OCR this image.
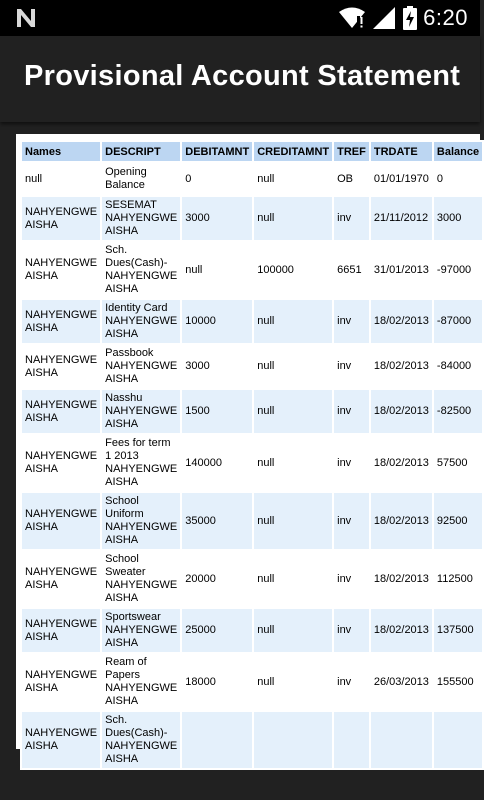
6:20
Provisional Account Statement
Names	DESCRIPT	DEBITAMNT	CREDITAMNT	TREF	TRDATE	Balance
null	Opening Balance	0	null	OB	01/01/1970	0
NAHYENGWE AISHA	SESEMAT NAHYENGWE AISHA	3000	null	inv	21/11/2012	3000
NAHYENGWE AISHA	Sch. Dues(Cash)- NAHYENGWE AISHA	null	100000	6651	31/01/2013	-97000
NAHYENGWE AISHA	Identity Card NAHYENGWE AISHA	10000	null	inv	18/02/2013	-87000
NAHYENGWE AISHA	Passbook NAHYENGWE AISHA	3000	null	inv	18/02/2013	-84000
NAHYENGWE AISHA	Nasshu NAHYENGWE AISHA	1500	null	inv	18/02/2013	-82500
NAHYENGWE AISHA	Fees for term 1 2013 NAHYENGWE AISHA	140000	null	inv	18/02/2013	57500
NAHYENGWE AISHA	School Uniform NAHYENGWE AISHA	35000	null	inv	18/02/2013	92500
NAHYENGWE AISHA	School Sweater NAHYENGWE AISHA	20000	null	inv	18/02/2013	112500
NAHYENGWE AISHA	Sportswear NAHYENGWE AISHA	25000	null	inv	18/02/2013	137500
NAHYENGWE AISHA	Ream of Papers NAHYENGWE AISHA	18000	null	inv	26/03/2013	155500
NAHYENGWE AISHA	Sch. Dues(Cash)- NAHYENGWE AISHA					
